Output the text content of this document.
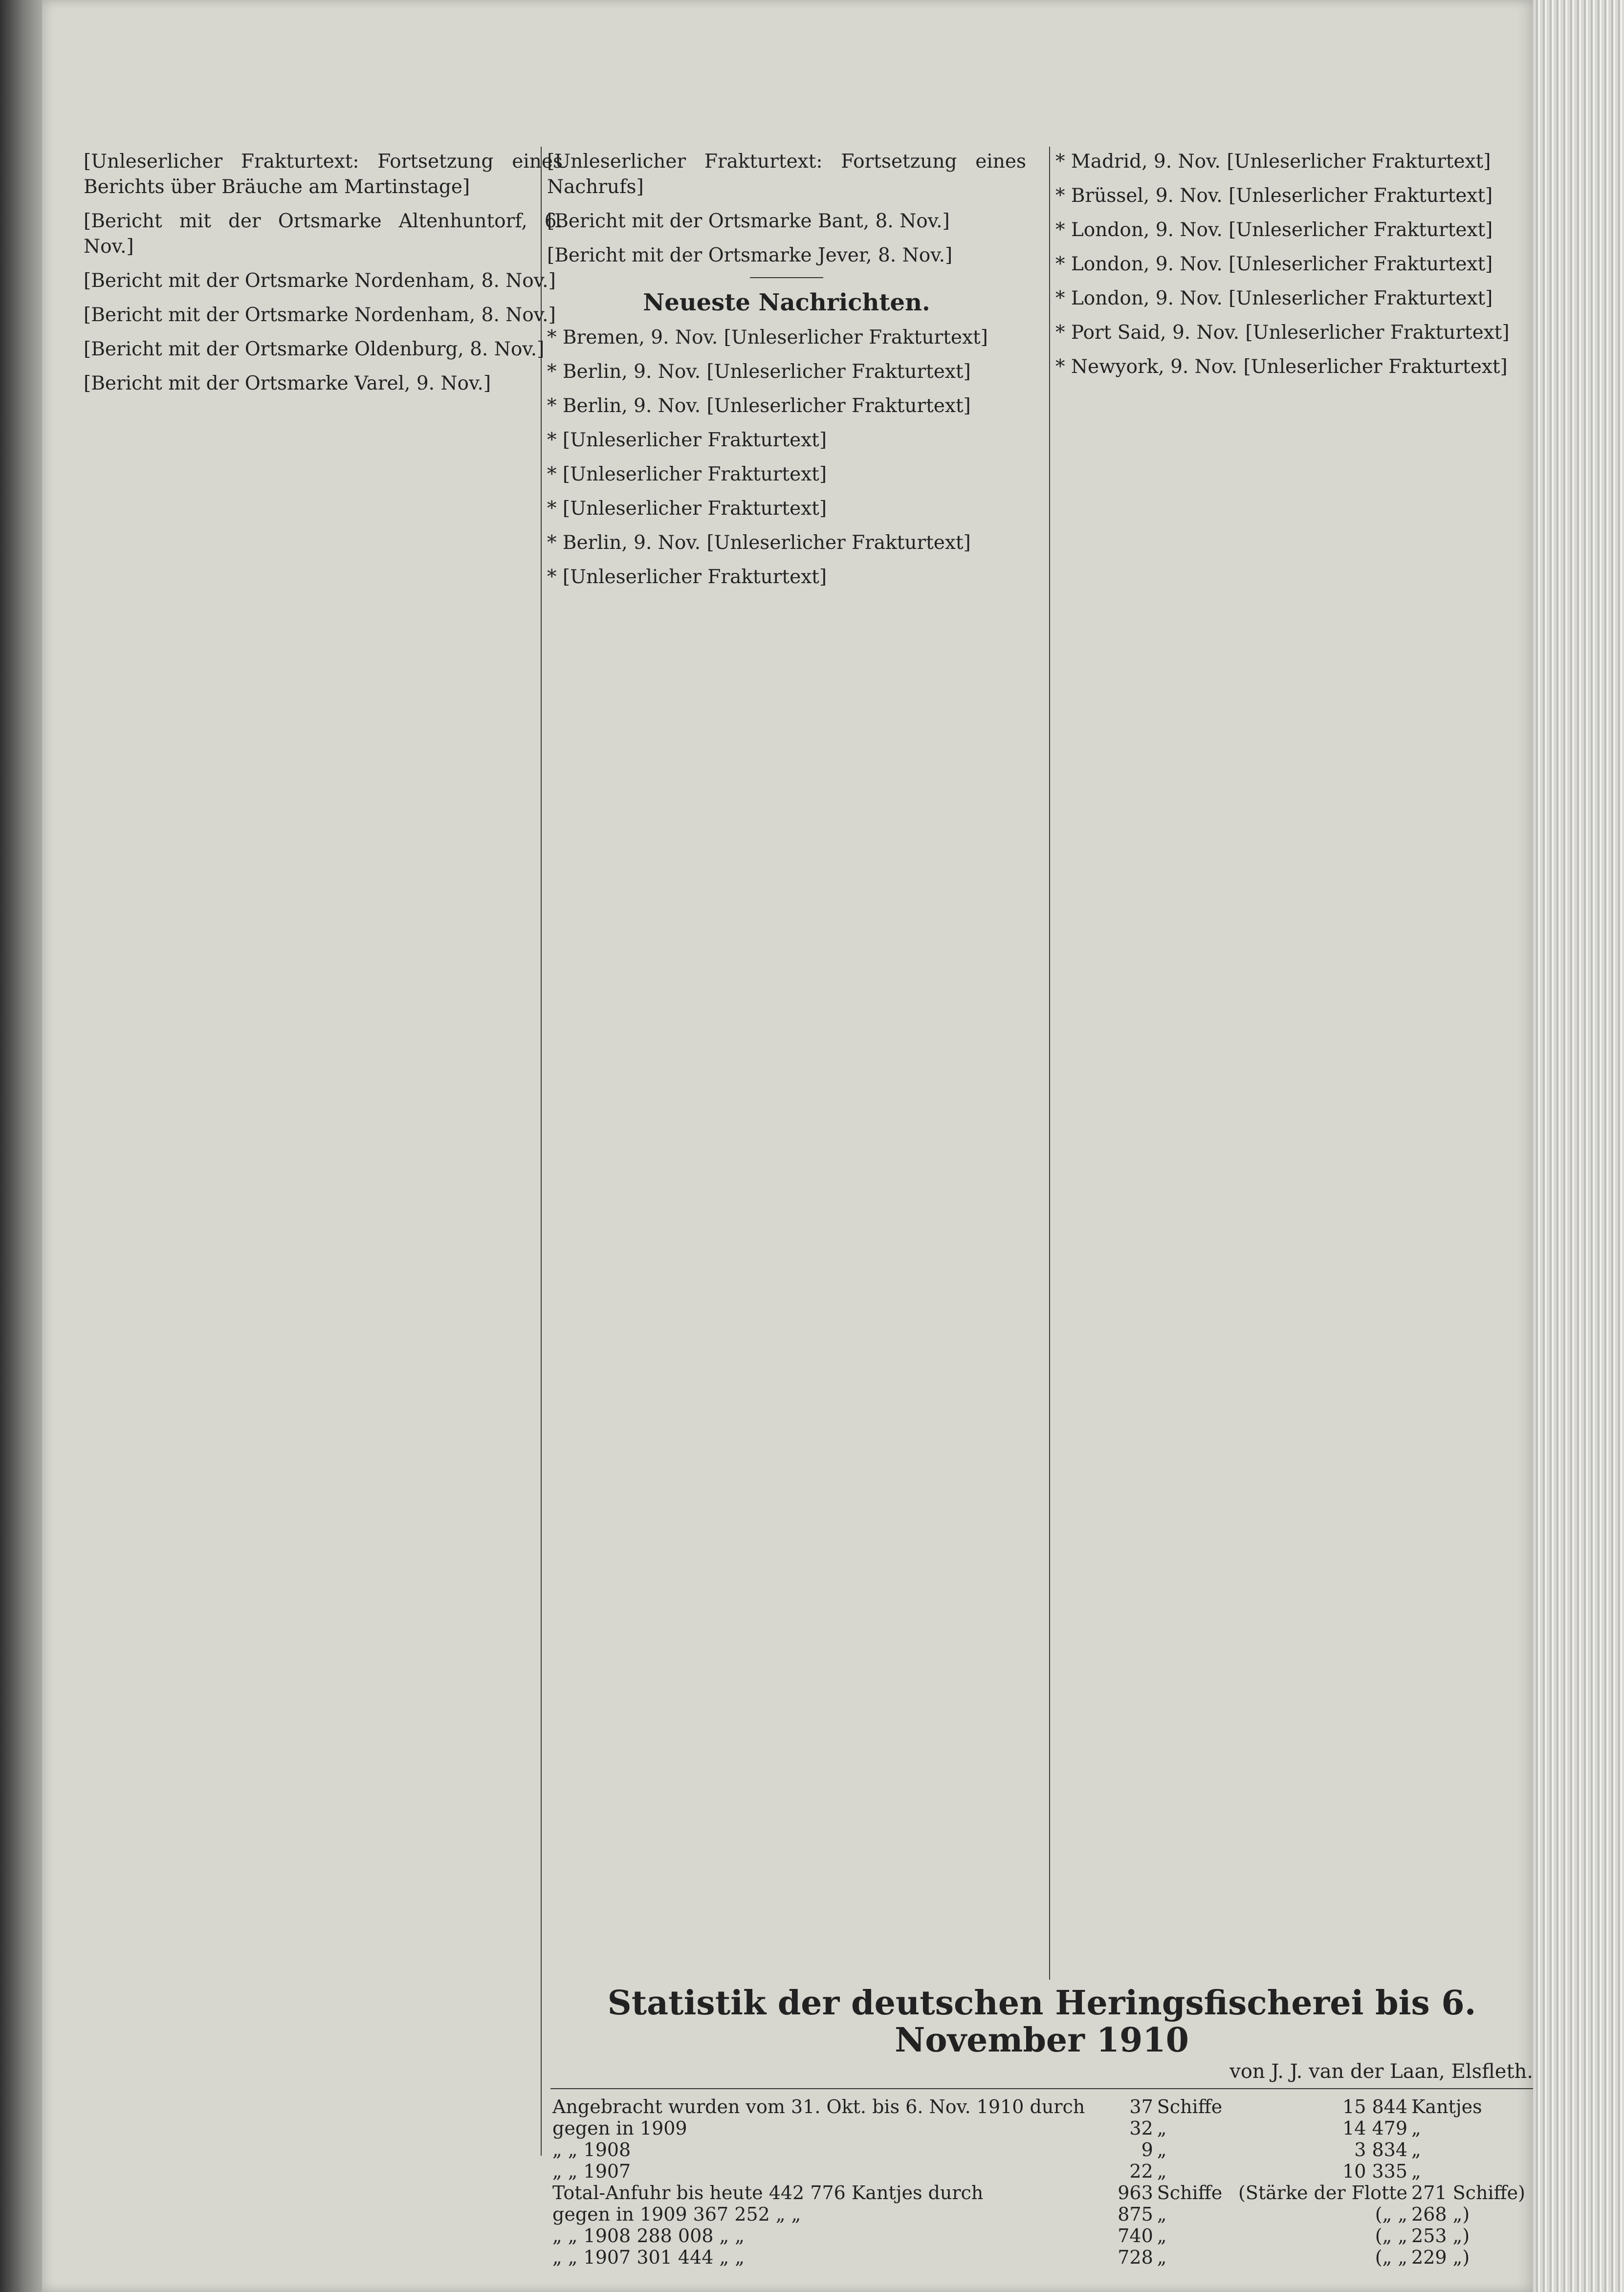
[Unleserlicher Frakturtext: Fortsetzung eines Berichts über Bräuche am Martinstage]

[Bericht mit der Ortsmarke Altenhuntorf, 6. Nov.]

[Bericht mit der Ortsmarke Nordenham, 8. Nov.]

[Bericht mit der Ortsmarke Nordenham, 8. Nov.]

[Bericht mit der Ortsmarke Oldenburg, 8. Nov.]

[Bericht mit der Ortsmarke Varel, 9. Nov.]

[Unleserlicher Frakturtext: Fortsetzung eines Nachrufs]

[Bericht mit der Ortsmarke Bant, 8. Nov.]

[Bericht mit der Ortsmarke Jever, 8. Nov.]

Neueste Nachrichten.

* Bremen, 9. Nov. [Unleserlicher Frakturtext]

* Berlin, 9. Nov. [Unleserlicher Frakturtext]

* Berlin, 9. Nov. [Unleserlicher Frakturtext]

* [Unleserlicher Frakturtext]

* [Unleserlicher Frakturtext]

* [Unleserlicher Frakturtext]

* Berlin, 9. Nov. [Unleserlicher Frakturtext]

* [Unleserlicher Frakturtext]

* Madrid, 9. Nov. [Unleserlicher Frakturtext]

* Brüssel, 9. Nov. [Unleserlicher Frakturtext]

* London, 9. Nov. [Unleserlicher Frakturtext]

* London, 9. Nov. [Unleserlicher Frakturtext]

* London, 9. Nov. [Unleserlicher Frakturtext]

* Port Said, 9. Nov. [Unleserlicher Frakturtext]

* Newyork, 9. Nov. [Unleserlicher Frakturtext]

Statistik der deutschen Heringsfischerei bis 6. November 1910
von J. J. van der Laan, Elsfleth.
Angebracht wurden vom 31. Okt. bis 6. Nov. 1910 durch	37	Schiffe	15 844	Kantjes
gegen in 1909	32	„	14 479	„
„ „ 1908	9	„	3 834	„
„ „ 1907	22	„	10 335	„
Total-Anfuhr bis heute 442 776 Kantjes durch	963	Schiffe	(Stärke der Flotte	271 Schiffe)
gegen in 1909 367 252 „ „	875	„	(„ „	268 „)
„ „ 1908 288 008 „ „	740	„	(„ „	253 „)
„ „ 1907 301 444 „ „	728	„	(„ „	229 „)
